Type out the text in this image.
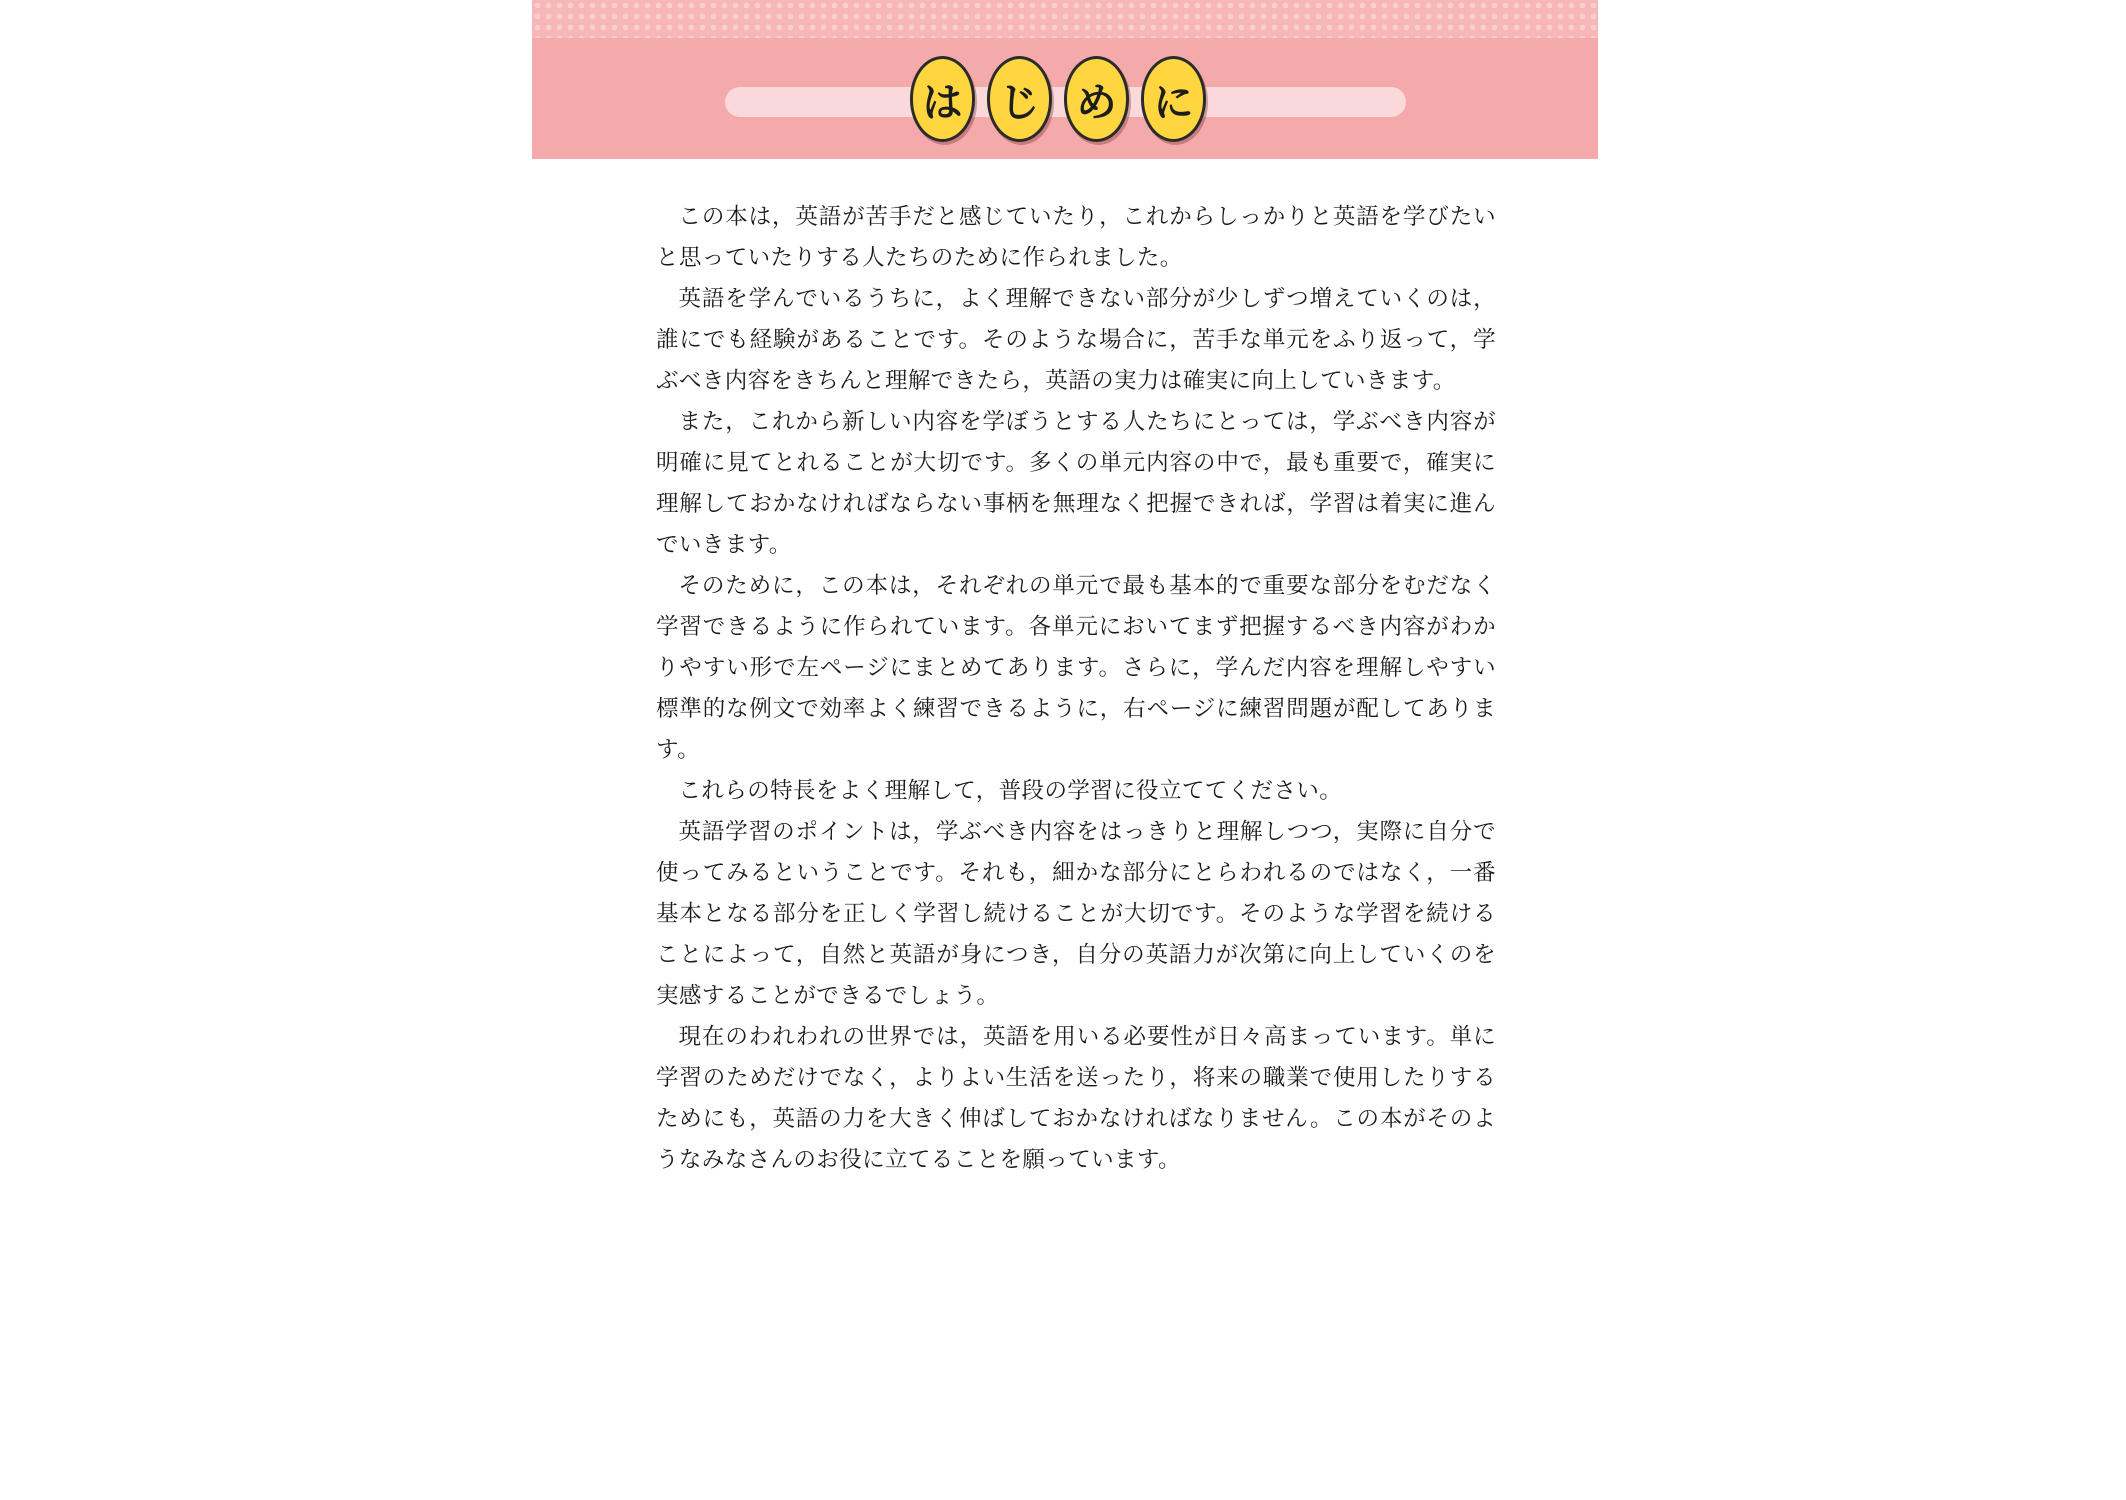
は じ め に

この本は，英語が苦手だと感じていたり，これからしっかりと英語を学びたいと思っていたりする人たちのために作られました。

英語を学んでいるうちに，よく理解できない部分が少しずつ増えていくのは，誰にでも経験があることです。そのような場合に，苦手な単元をふり返って，学ぶべき内容をきちんと理解できたら，英語の実力は確実に向上していきます。

また，これから新しい内容を学ぼうとする人たちにとっては，学ぶべき内容が明確に見てとれることが大切です。多くの単元内容の中で，最も重要で，確実に理解しておかなければならない事柄を無理なく把握できれば，学習は着実に進んでいきます。

そのために，この本は，それぞれの単元で最も基本的で重要な部分をむだなく学習できるように作られています。各単元においてまず把握するべき内容がわかりやすい形で左ページにまとめてあります。さらに，学んだ内容を理解しやすい標準的な例文で効率よく練習できるように，右ページに練習問題が配してあります。

これらの特長をよく理解して，普段の学習に役立ててください。

英語学習のポイントは，学ぶべき内容をはっきりと理解しつつ，実際に自分で使ってみるということです。それも，細かな部分にとらわれるのではなく，一番基本となる部分を正しく学習し続けることが大切です。そのような学習を続けることによって，自然と英語が身につき，自分の英語力が次第に向上していくのを実感することができるでしょう。

現在のわれわれの世界では，英語を用いる必要性が日々高まっています。単に学習のためだけでなく，よりよい生活を送ったり，将来の職業で使用したりするためにも，英語の力を大きく伸ばしておかなければなりません。この本がそのようなみなさんのお役に立てることを願っています。
